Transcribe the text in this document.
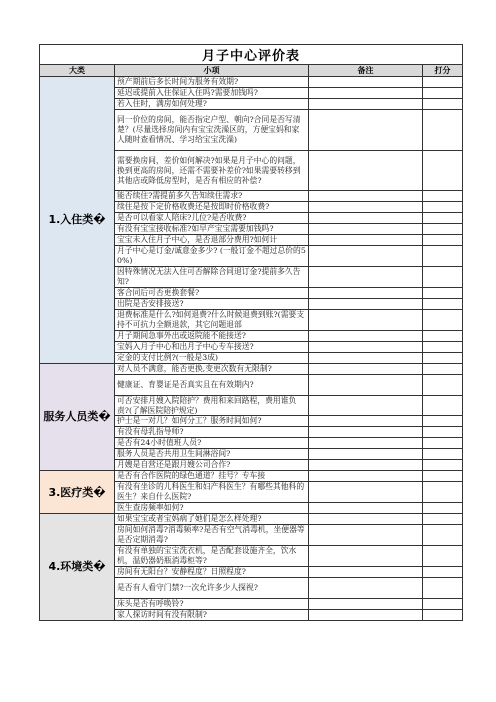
月子中心评价表			
大类	小项	备注	打分
1.入住类�	预产期前后多长时间为服务有效期?		
	延迟或提前入住保证入住吗?需要加钱吗?		
	若入住时，满房如何处理?		
	同一价位的房间，能否指定户型、朝向?合同是否写清楚？(尽量选择房间内有宝宝洗澡区的，方便宝妈和家人随时查看情况、学习给宝宝洗澡)		
	需要换房间，差价如何解决?如果是月子中心的问题，换到更高的房间，还需不需要补差价?如果需要转移到其他店或降低房型时，是否有相应的补偿?		
	能否续住?需提前多久告知续住需求?		
	续住是按下定价格收费还是按即时价格收费?		
	是否可以看家人陪床?儿位?是否收费?		
	有没有宝宝接收标准?如早产宝宝需要加钱吗?		
	宝宝未入住月子中心，是否退部分费用?如何计		
	月子中心是订金/诚意金多少? (一般订金不超过总价的50%)		
	因特殊情况无法入住可否解除合同退订金?提前多久告知?		
	客合同后可否更换套餐?		
	出院是否安排接送?		
	退费标准是什么?如何退费?什么时候退费到账?(需要支持不可抗力全额退款，其它问题退部		
	月子期间急事外出或返院能不能接送?		
	宝妈入月子中心和出月子中心专车接送?		
	定金的支付比例?(一般是3成)		
服务人员类�	对人员不满意，能否更换,变更次数有无限制?		
	健康证、育婴证是否真实且在有效期内?		
	可否安排月嫂入院陪护？费用和来回路程，费用谁负责?(了解医院陪护规定)		
	护士是一对几？如何分工？服务时间如何?		
	有没有母乳指导师?		
	是否有24小时值班人员?		
	服务人员是否共用卫生间淋浴间?		
	月嫂是自营还是跟月嫂公司合作?		
3.医疗类�	是否有合作医院的绿色通道？挂号？专车接		
	有没有坐诊的儿科医生和妇产科医生？有哪些其他科的医生？来自什么医院?		
	医生查房频率如何?		
4.环境类�	如果宝宝或者宝妈病了她们是怎么样处理?		
	房间如何消毒?消毒频率?是否有空气消毒机，坐便器等是否定期消毒?		
	有没有单独的宝宝洗衣机，是否配套设施齐全，饮水机，温奶器奶瓶消毒柜等?		
	房间有无阳台？安静程度？日照程度?		
	是否有人看守门禁?一次允许多少人探视?		
	床头是否有呼唤铃?		
	家人探访时间有没有限制?		
